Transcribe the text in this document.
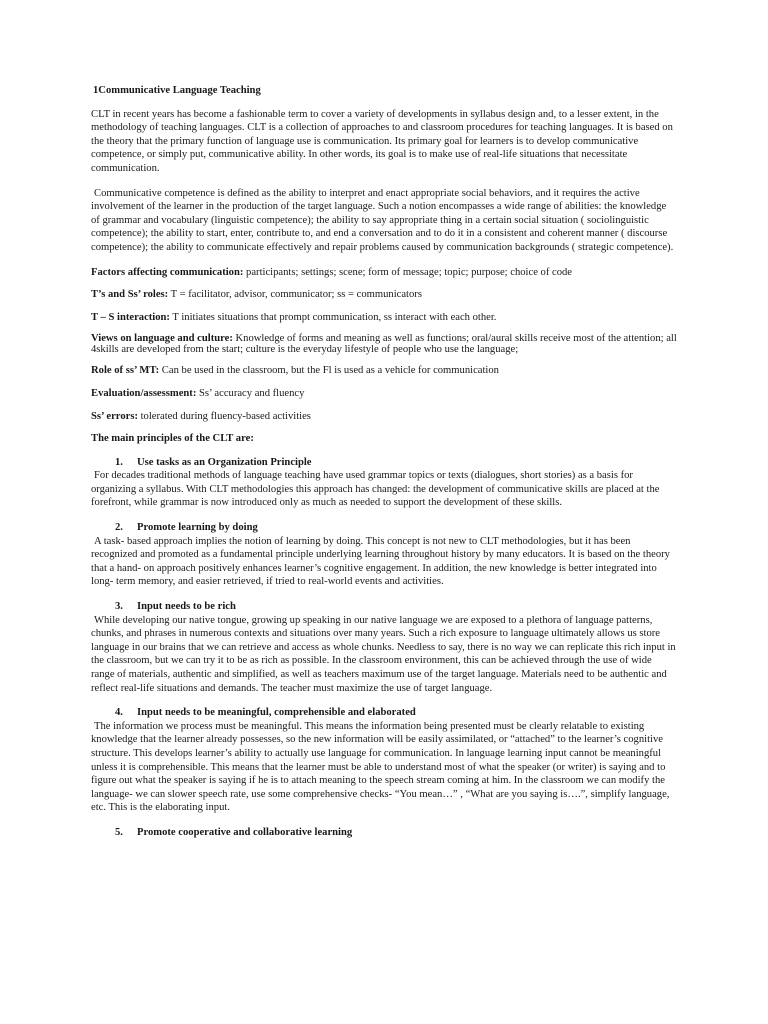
1Communicative Language Teaching

CLT in recent years has become a fashionable term to cover a variety of developments in syllabus design and, to a lesser extent, in the methodology of teaching languages. CLT is a collection of approaches to and classroom procedures for teaching languages. It is based on the theory that the primary function of language use is communication. Its primary goal for learners is to develop communicative competence, or simply put, communicative ability. In other words, its goal is to make use of real-life situations that necessitate communication.

Communicative competence is defined as the ability to interpret and enact appropriate social behaviors, and it requires the active involvement of the learner in the production of the target language. Such a notion encompasses a wide range of abilities: the knowledge of grammar and vocabulary (linguistic competence); the ability to say appropriate thing in a certain social situation ( sociolinguistic competence); the ability to start, enter, contribute to, and end a conversation and to do it in a consistent and coherent manner ( discourse competence); the ability to communicate effectively and repair problems caused by communication backgrounds ( strategic competence).

Factors affecting communication: participants; settings; scene; form of message; topic; purpose; choice of code

T’s and Ss’ roles: T = facilitator, advisor, communicator; ss = communicators

T – S interaction: T initiates situations that prompt communication, ss interact with each other.

Views on language and culture: Knowledge of forms and meaning as well as functions; oral/aural skills receive most of the attention; all 4skills are developed from the start; culture is the everyday lifestyle of people who use the language;

Role of ss’ MT: Can be used in the classroom, but the Fl is used as a vehicle for communication

Evaluation/assessment: Ss’ accuracy and fluency

Ss’ errors: tolerated during fluency-based activities

The main principles of the CLT are:

1. Use tasks as an Organization Principle

For decades traditional methods of language teaching have used grammar topics or texts (dialogues, short stories) as a basis for organizing a syllabus. With CLT methodologies this approach has changed: the development of communicative skills are placed at the forefront, while grammar is now introduced only as much as needed to support the development of these skills.

2. Promote learning by doing

A task- based approach implies the notion of learning by doing. This concept is not new to CLT methodologies, but it has been recognized and promoted as a fundamental principle underlying learning throughout history by many educators. It is based on the theory that a hand- on approach positively enhances learner’s cognitive engagement. In addition, the new knowledge is better integrated into long- term memory, and easier retrieved, if tried to real-world events and activities.

3. Input needs to be rich

While developing our native tongue, growing up speaking in our native language we are exposed to a plethora of language patterns, chunks, and phrases in numerous contexts and situations over many years. Such a rich exposure to language ultimately allows us store language in our brains that we can retrieve and access as whole chunks. Needless to say, there is no way we can replicate this rich input in the classroom, but we can try it to be as rich as possible. In the classroom environment, this can be achieved through the use of wide range of materials, authentic and simplified, as well as teachers maximum use of the target language. Materials need to be authentic and reflect real-life situations and demands. The teacher must maximize the use of target language.

4. Input needs to be meaningful, comprehensible and elaborated

The information we process must be meaningful. This means the information being presented must be clearly relatable to existing knowledge that the learner already possesses, so the new information will be easily assimilated, or “attached” to the learner’s cognitive structure. This develops learner’s ability to actually use language for communication. In language learning input cannot be meaningful unless it is comprehensible. This means that the learner must be able to understand most of what the speaker (or writer) is saying and to figure out what the speaker is saying if he is to attach meaning to the speech stream coming at him. In the classroom we can modify the language- we can slower speech rate, use some comprehensive checks- “You mean…” , “What are you saying is….”, simplify language, etc. This is the elaborating input.

5. Promote cooperative and collaborative learning
